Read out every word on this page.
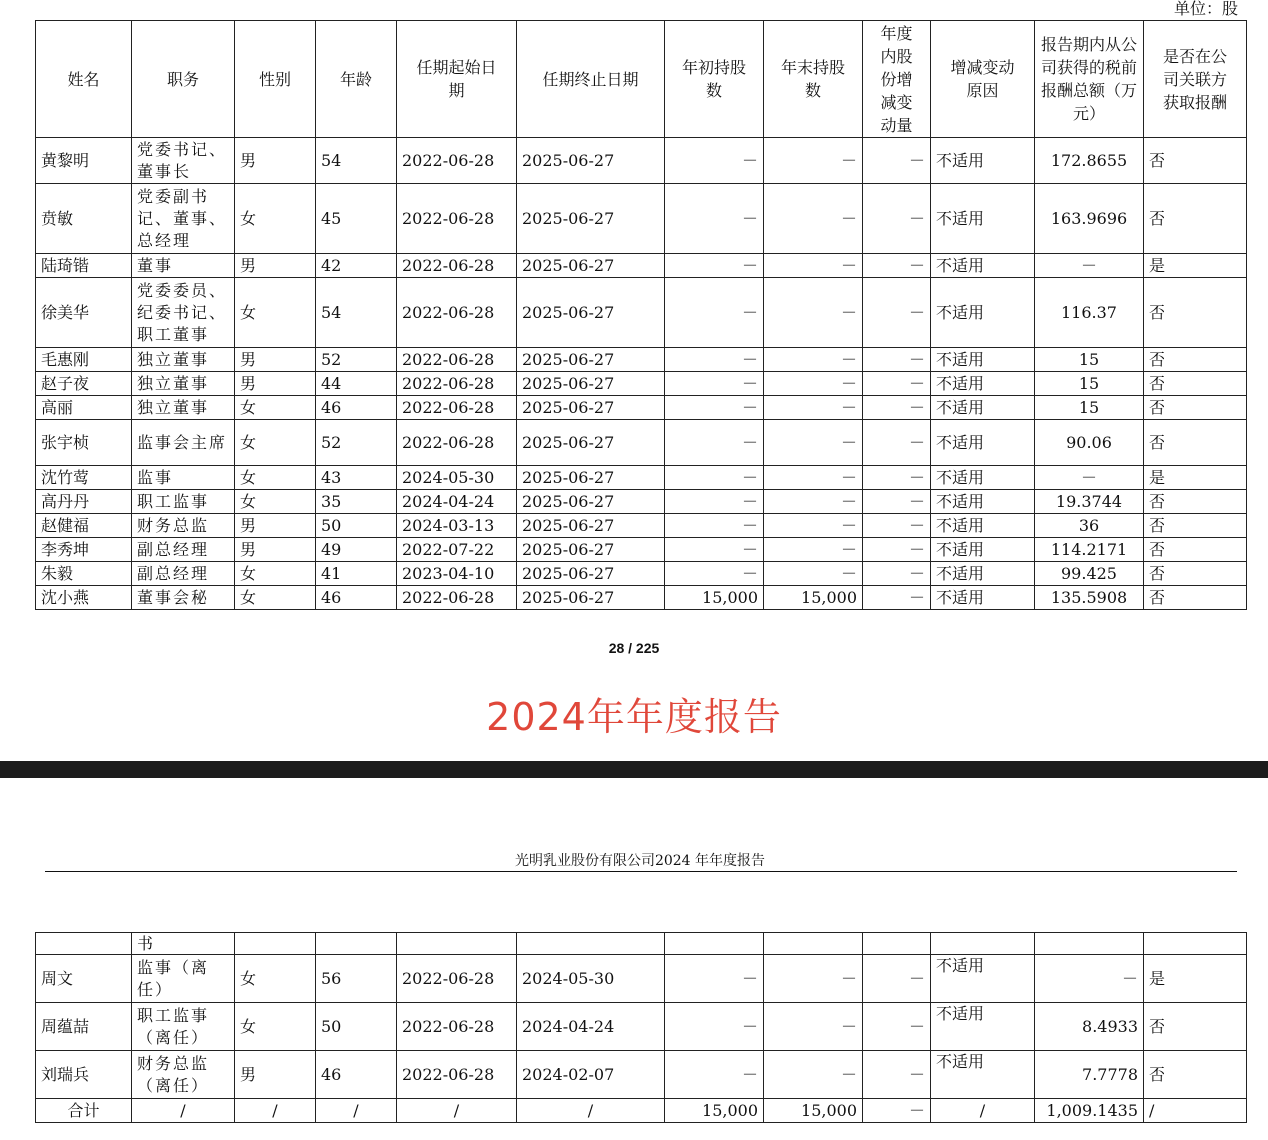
单位：股
姓名	职务	性别	年龄	任期起始日期	任期终止日期	年初持股数	年末持股数	年度内股份增减变动量	增减变动原因	报告期内从公司获得的税前报酬总额（万元）	是否在公司关联方获取报酬
黄黎明	党委书记、董事长	男	54	2022-06-28	2025-06-27	－	－	－	不适用	172.8655	否
贲敏	党委副书记、董事、总经理	女	45	2022-06-28	2025-06-27	－	－	－	不适用	163.9696	否
陆琦锴	董事	男	42	2022-06-28	2025-06-27	－	－	－	不适用	－	是
徐美华	党委委员、纪委书记、职工董事	女	54	2022-06-28	2025-06-27	－	－	－	不适用	116.37	否
毛惠刚	独立董事	男	52	2022-06-28	2025-06-27	－	－	－	不适用	15	否
赵子夜	独立董事	男	44	2022-06-28	2025-06-27	－	－	－	不适用	15	否
高丽	独立董事	女	46	2022-06-28	2025-06-27	－	－	－	不适用	15	否
张宇桢	监事会主席	女	52	2022-06-28	2025-06-27	－	－	－	不适用	90.06	否
沈竹莺	监事	女	43	2024-05-30	2025-06-27	－	－	－	不适用	－	是
高丹丹	职工监事	女	35	2024-04-24	2025-06-27	－	－	－	不适用	19.3744	否
赵健福	财务总监	男	50	2024-03-13	2025-06-27	－	－	－	不适用	36	否
李秀坤	副总经理	男	49	2022-07-22	2025-06-27	－	－	－	不适用	114.2171	否
朱毅	副总经理	女	41	2023-04-10	2025-06-27	－	－	－	不适用	99.425	否
沈小燕	董事会秘	女	46	2022-06-28	2025-06-27	15,000	15,000	－	不适用	135.5908	否
28 / 225
2024年年度报告
光明乳业股份有限公司2024 年年度报告
	书										
周文	监事（离任）	女	56	2022-06-28	2024-05-30	－	－	－	不适用	－	是
周蕴喆	职工监事（离任）	女	50	2022-06-28	2024-04-24	－	－	－	不适用	8.4933	否
刘瑞兵	财务总监（离任）	男	46	2022-06-28	2024-02-07	－	－	－	不适用	7.7778	否
合计	/	/	/	/	/	15,000	15,000	－	/	1,009.1435	/
